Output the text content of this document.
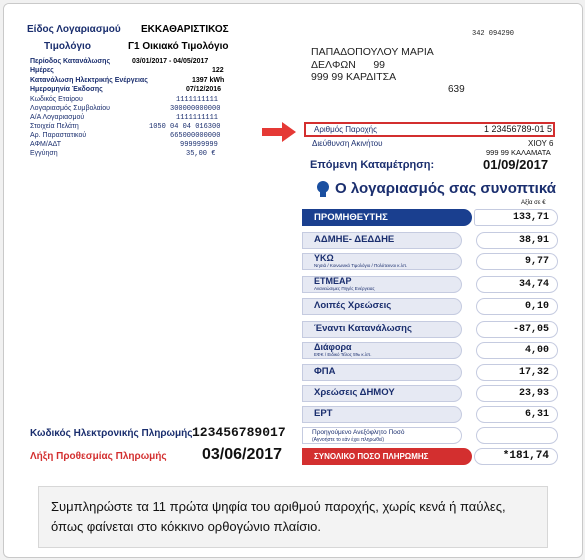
Είδος Λογαριασμού ΕΚΚΑΘΑΡΙΣΤΙΚΟΣ
Τιμολόγιο	Γ1 Οικιακό Τιμολόγιο
342 094290
Περίοδος Κατανάλωσης	03/01/2017 - 04/05/2017
Ημέρες	122
Κατανάλωση Ηλεκτρικής Ενέργειας	1397 kWh
Ημερομηνία Έκδοσης	07/12/2016
Κωδικός Εταίρου	1111111111
Λογαριασμός Συμβολαίου	300000000000
Α/Α Λογαριασμού	1111111111
Στοιχεία Πελάτη	1050 04 04 016300
Αρ. Παραστατικού	665000000000
ΑΦΜ/ΑΔΤ	999999999
Εγγύηση	35,00 €
ΠΑΠΑΔΟΠΟΥΛΟΥ ΜΑΡΙΑ
ΔΕΛΦΩΝ      99
999 99 ΚΑΡΔΙΤΣΑ
639
Αριθμός Παροχής	1 23456789-01 5
Διεύθυνση Ακινήτου	ΧΙΟΥ 6
999 99 ΚΑΛΑΜΑΤΑ
Επόμενη Καταμέτρηση:	01/09/2017
Ο λογαριασμός σας συνοπτικά
Αξία σε €
ΠΡΟΜΗΘΕΥΤΗΣ	133,71
ΑΔΜΗΕ- ΔΕΔΔΗΕ	38,91
ΥΚΩ
Νησιά / Κοινωνικό Τιμολόγιο / Πολύτεκνοι κ.λπ.	9,77
ΕΤΜΕΑΡ
Ανανεώσιμες Πηγές Ενέργειας	34,74
Λοιπές Χρεώσεις	0,10
Έναντι Κατανάλωσης	-87,05
Διάφορα
ΕΦΚ / Ειδικό Τέλος 5‰ κ.λπ.	4,00
ΦΠΑ	17,32
Χρεώσεις ΔΗΜΟΥ	23,93
ΕΡΤ	6,31
Προηγούμενο Ανεξόφλητο Ποσό
(Αγνοήστε το εάν έχει πληρωθεί)
ΣΥΝΟΛΙΚΟ ΠΟΣΟ ΠΛΗΡΩΜΗΣ	*181,74
Κωδικός Ηλεκτρονικής Πληρωμής 123456789017
Λήξη Προθεσμίας Πληρωμής 03/06/2017
Συμπληρώστε τα 11 πρώτα ψηφία του αριθμού παροχής, χωρίς κενά ή παύλες, όπως φαίνεται στο κόκκινο ορθογώνιο πλαίσιο.
